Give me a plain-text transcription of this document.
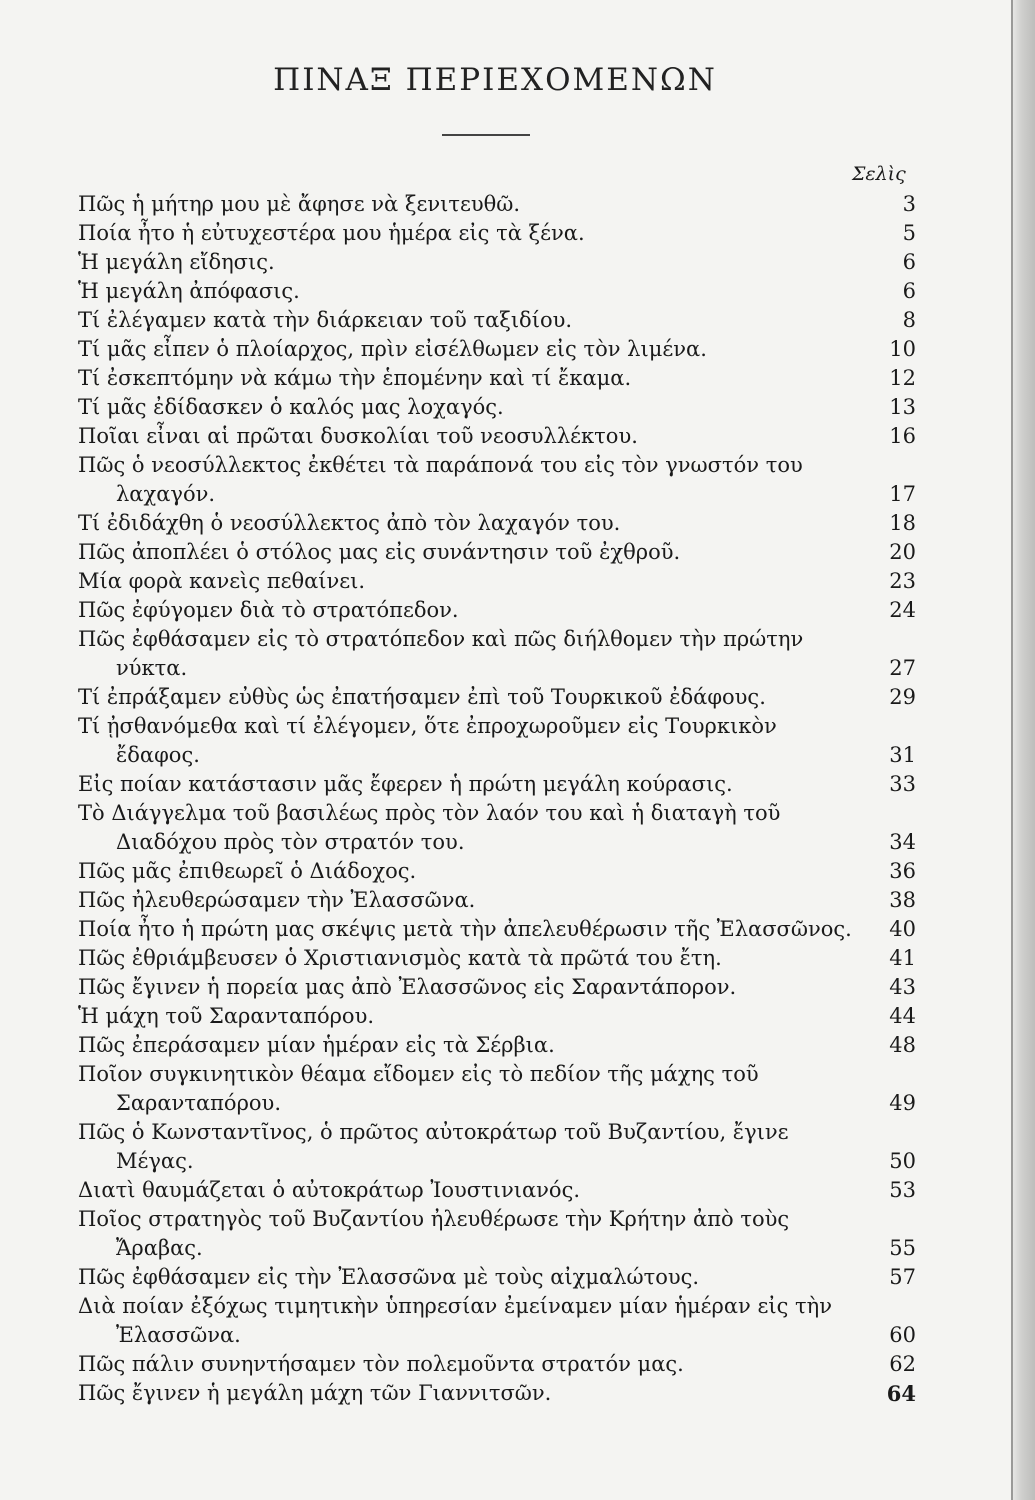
ΠΙΝΑΞ ΠΕΡΙΕΧΟΜΕΝΩΝ
Σελὶς
Πῶς ἡ μήτηρ μου μὲ ἄφησε νὰ ξενιτευθῶ.	3
Ποία ἦτο ἡ εὐτυχεστέρα μου ἡμέρα εἰς τὰ ξένα.	5
Ἡ μεγάλη εἴδησις.	6
Ἡ μεγάλη ἀπόφασις.	6
Τί ἐλέγαμεν κατὰ τὴν διάρκειαν τοῦ ταξιδίου.	8
Τί μᾶς εἶπεν ὁ πλοίαρχος, πρὶν εἰσέλθωμεν εἰς τὸν λιμένα.	10
Τί ἐσκεπτόμην νὰ κάμω τὴν ἑπομένην καὶ τί ἔκαμα.	12
Τί μᾶς ἐδίδασκεν ὁ καλός μας λοχαγός.	13
Ποῖαι εἶναι αἱ πρῶται δυσκολίαι τοῦ νεοσυλλέκτου.	16
Πῶς ὁ νεοσύλλεκτος ἐκθέτει τὰ παράπονά του εἰς τὸν γνωστόν του λαχαγόν.	17
Τί ἐδιδάχθη ὁ νεοσύλλεκτος ἀπὸ τὸν λαχαγόν του.	18
Πῶς ἀποπλέει ὁ στόλος μας εἰς συνάντησιν τοῦ ἐχθροῦ.	20
Μία φορὰ κανεὶς πεθαίνει.	23
Πῶς ἐφύγομεν διὰ τὸ στρατόπεδον.	24
Πῶς ἐφθάσαμεν εἰς τὸ στρατόπεδον καὶ πῶς διήλθομεν τὴν πρώτην νύκτα.	27
Τί ἐπράξαμεν εὐθὺς ὡς ἐπατήσαμεν ἐπὶ τοῦ Τουρκικοῦ ἐδάφους.	29
Τί ᾐσθανόμεθα καὶ τί ἐλέγομεν, ὅτε ἐπροχωροῦμεν εἰς Τουρκικὸν ἔδαφος.	31
Εἰς ποίαν κατάστασιν μᾶς ἔφερεν ἡ πρώτη μεγάλη κούρασις.	33
Τὸ Διάγγελμα τοῦ βασιλέως πρὸς τὸν λαόν του καὶ ἡ διαταγὴ τοῦ Διαδόχου πρὸς τὸν στρατόν του.	34
Πῶς μᾶς ἐπιθεωρεῖ ὁ Διάδοχος.	36
Πῶς ἠλευθερώσαμεν τὴν Ἐλασσῶνα.	38
Ποία ἦτο ἡ πρώτη μας σκέψις μετὰ τὴν ἀπελευθέρωσιν τῆς Ἐλασσῶνος.	40
Πῶς ἐθριάμβευσεν ὁ Χριστιανισμὸς κατὰ τὰ πρῶτά του ἔτη.	41
Πῶς ἔγινεν ἡ πορεία μας ἀπὸ Ἐλασσῶνος εἰς Σαραντάπορον.	43
Ἡ μάχη τοῦ Σαρανταπόρου.	44
Πῶς ἐπεράσαμεν μίαν ἡμέραν εἰς τὰ Σέρβια.	48
Ποῖον συγκινητικὸν θέαμα εἴδομεν εἰς τὸ πεδίον τῆς μάχης τοῦ Σαρανταπόρου.	49
Πῶς ὁ Κωνσταντῖνος, ὁ πρῶτος αὐτοκράτωρ τοῦ Βυζαντίου, ἔγινε Μέγας.	50
Διατὶ θαυμάζεται ὁ αὐτοκράτωρ Ἰουστινιανός.	53
Ποῖος στρατηγὸς τοῦ Βυζαντίου ἠλευθέρωσε τὴν Κρήτην ἀπὸ τοὺς Ἄραβας.	55
Πῶς ἐφθάσαμεν εἰς τὴν Ἐλασσῶνα μὲ τοὺς αἰχμαλώτους.	57
Διὰ ποίαν ἐξόχως τιμητικὴν ὑπηρεσίαν ἐμείναμεν μίαν ἡμέραν εἰς τὴν Ἐλασσῶνα.	60
Πῶς πάλιν συνηντήσαμεν τὸν πολεμοῦντα στρατόν μας.	62
Πῶς ἔγινεν ἡ μεγάλη μάχη τῶν Γιαννιτσῶν.	64
